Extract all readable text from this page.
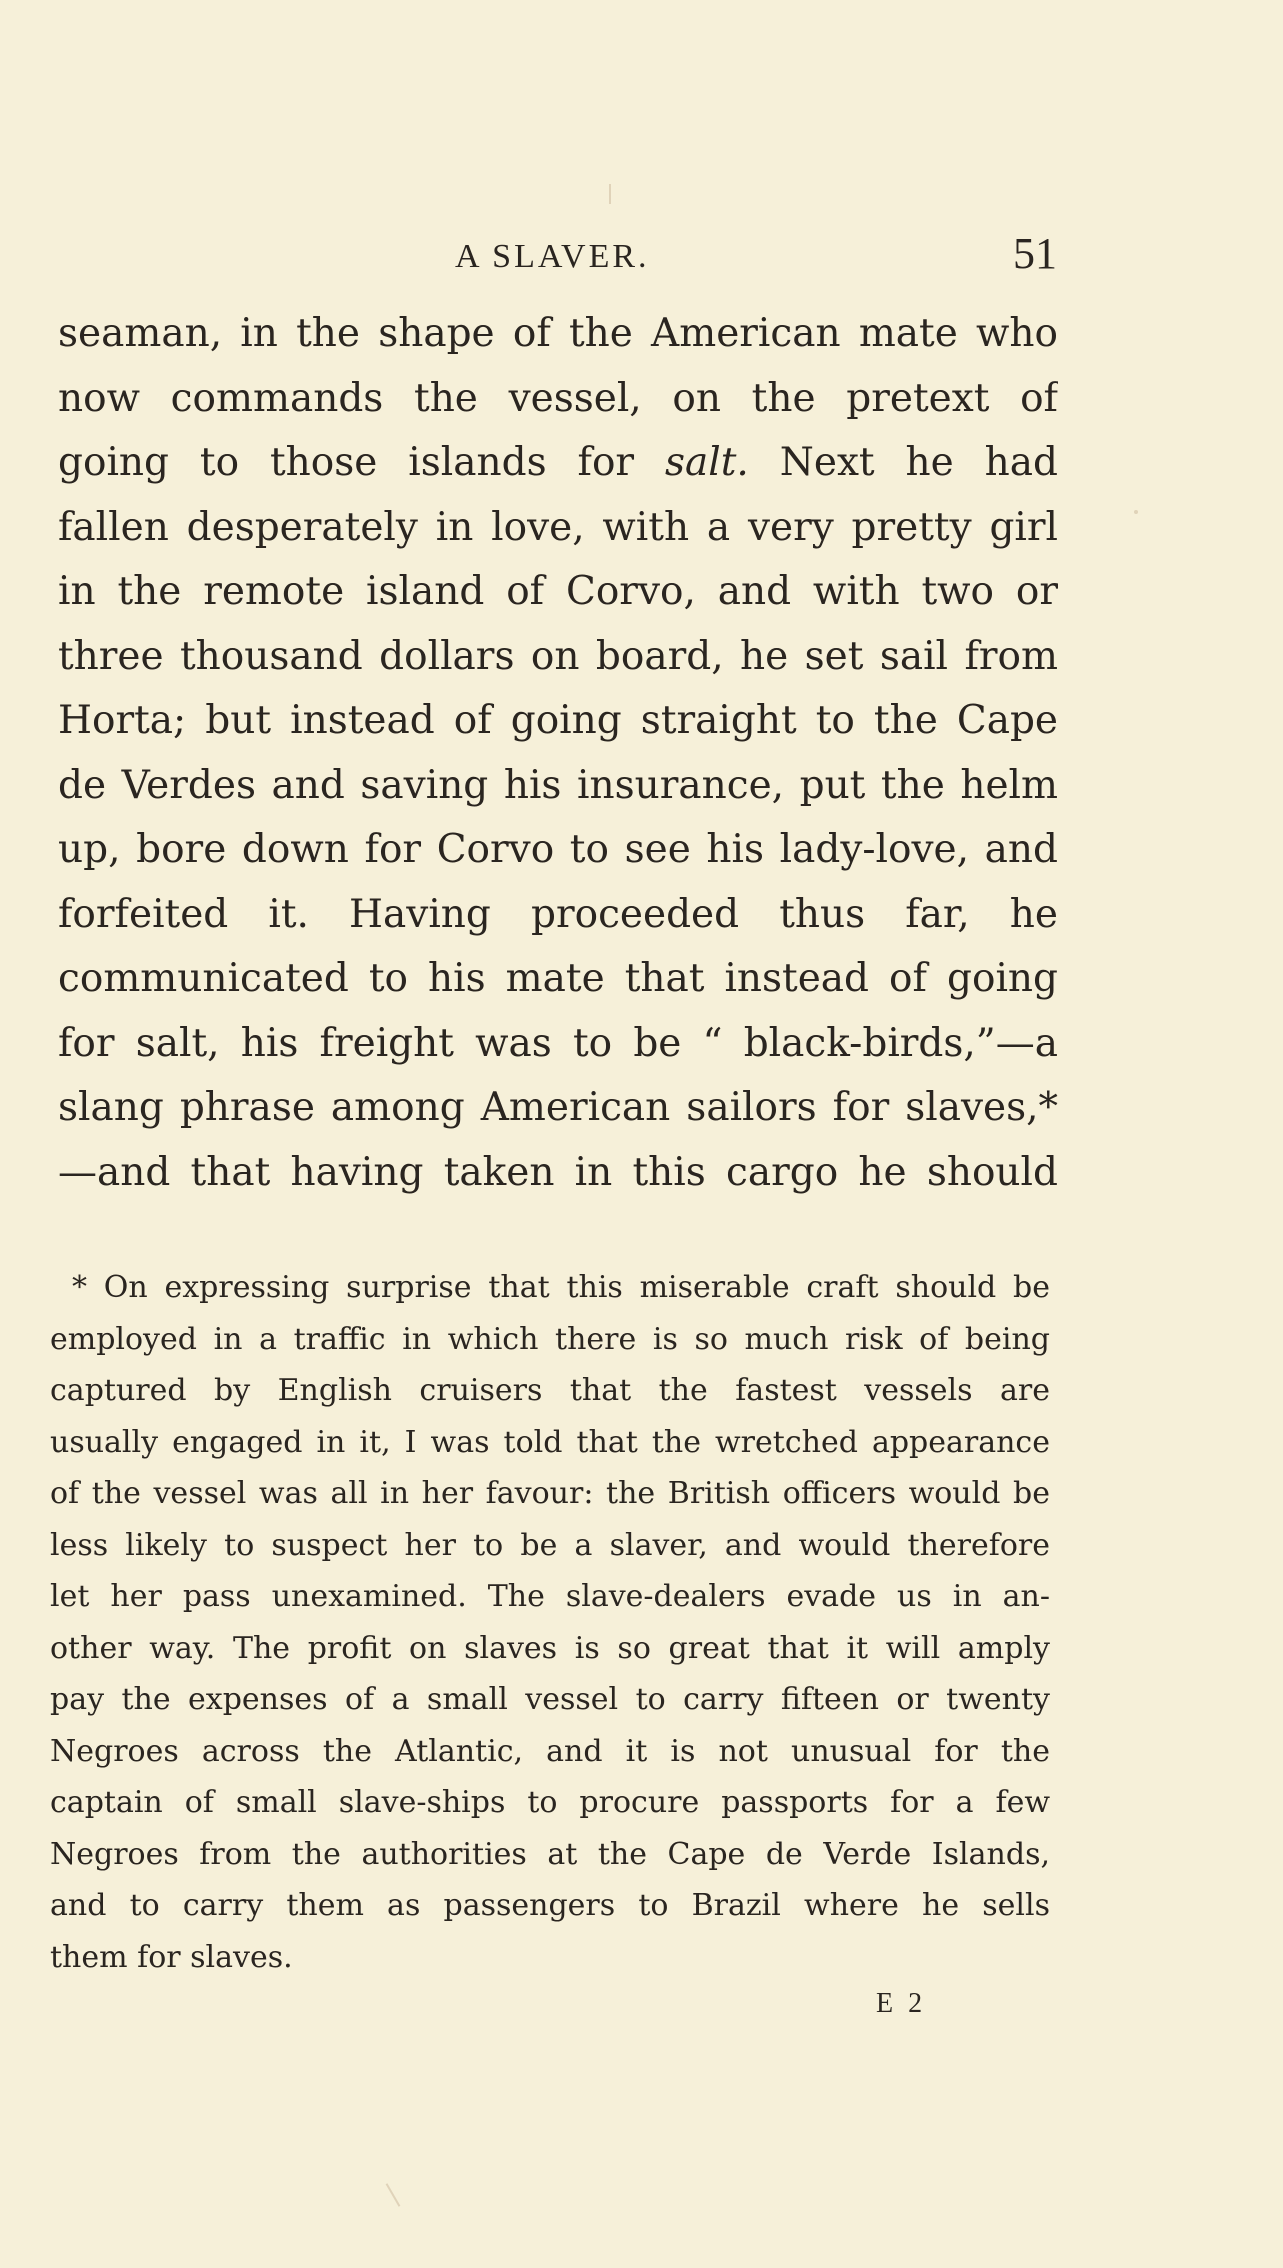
A SLAVER.	51
seaman, in the shape of the American mate who
now commands the vessel, on the pretext of
going to those islands for salt. Next he had
fallen desperately in love, with a very pretty girl
in the remote island of Corvo, and with two or
three thousand dollars on board, he set sail from
Horta; but instead of going straight to the Cape
de Verdes and saving his insurance, put the helm
up, bore down for Corvo to see his lady-love, and
forfeited it. Having proceeded thus far, he
communicated to his mate that instead of going
for salt, his freight was to be “ black-birds,”—a
slang phrase among American sailors for slaves,*
—and that having taken in this cargo he should
* On expressing surprise that this miserable craft should be
employed in a traffic in which there is so much risk of being
captured by English cruisers that the fastest vessels are
usually engaged in it, I was told that the wretched appearance
of the vessel was all in her favour: the British officers would be
less likely to suspect her to be a slaver, and would therefore
let her pass unexamined. The slave-dealers evade us in an-
other way. The profit on slaves is so great that it will amply
pay the expenses of a small vessel to carry fifteen or twenty
Negroes across the Atlantic, and it is not unusual for the
captain of small slave-ships to procure passports for a few
Negroes from the authorities at the Cape de Verde Islands,
and to carry them as passengers to Brazil where he sells
them for slaves.
E 2
